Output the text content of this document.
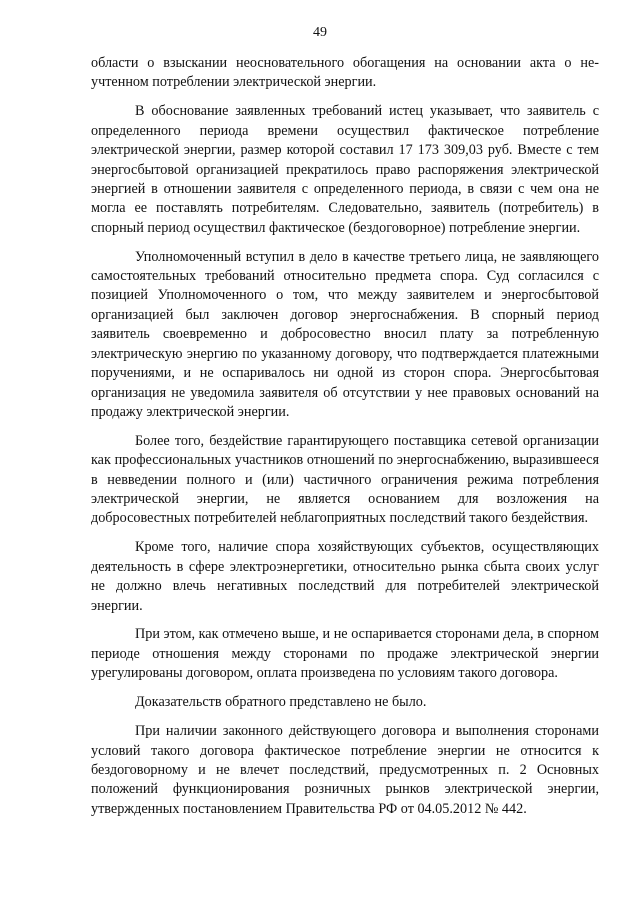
49

области о взыскании неосновательного обогащения на основании акта о неучтенном потреблении электрической энергии.

В обоснование заявленных требований истец указывает, что заявитель с определенного периода времени осуществил фактическое потребление электрической энергии, размер которой составил 17 173 309,03 руб. Вместе с тем энергосбытовой организацией прекратилось право распоряжения электрической энергией в отношении заявителя с определенного периода, в связи с чем она не могла ее поставлять потребителям. Следовательно, заявитель (потребитель) в спорный период осуществил фактическое (бездоговорное) потребление энергии.

Уполномоченный вступил в дело в качестве третьего лица, не заявляющего самостоятельных требований относительно предмета спора. Суд согласился с позицией Уполномоченного о том, что между заявителем и энергосбытовой организацией был заключен договор энергоснабжения. В спорный период заявитель своевременно и добросовестно вносил плату за потребленную электрическую энергию по указанному договору, что подтверждается платежными поручениями, и не оспаривалось ни одной из сторон спора. Энергосбытовая организация не уведомила заявителя об отсутствии у нее правовых оснований на продажу электрической энергии.

Более того, бездействие гарантирующего поставщика сетевой организации как профессиональных участников отношений по энергоснабжению, выразившееся в невведении полного и (или) частичного ограничения режима потребления электрической энергии, не является основанием для возложения на добросовестных потребителей неблагоприятных последствий такого бездействия.

Кроме того, наличие спора хозяйствующих субъектов, осуществляющих деятельность в сфере электроэнергетики, относительно рынка сбыта своих услуг не должно влечь негативных последствий для потребителей электрической энергии.

При этом, как отмечено выше, и не оспаривается сторонами дела, в спорном периоде отношения между сторонами по продаже электрической энергии урегулированы договором, оплата произведена по условиям такого договора.

Доказательств обратного представлено не было.

При наличии законного действующего договора и выполнения сторонами условий такого договора фактическое потребление энергии не относится к бездоговорному и не влечет последствий, предусмотренных п. 2 Основных положений функционирования розничных рынков электрической энергии, утвержденных постановлением Правительства РФ от 04.05.2012 № 442.
